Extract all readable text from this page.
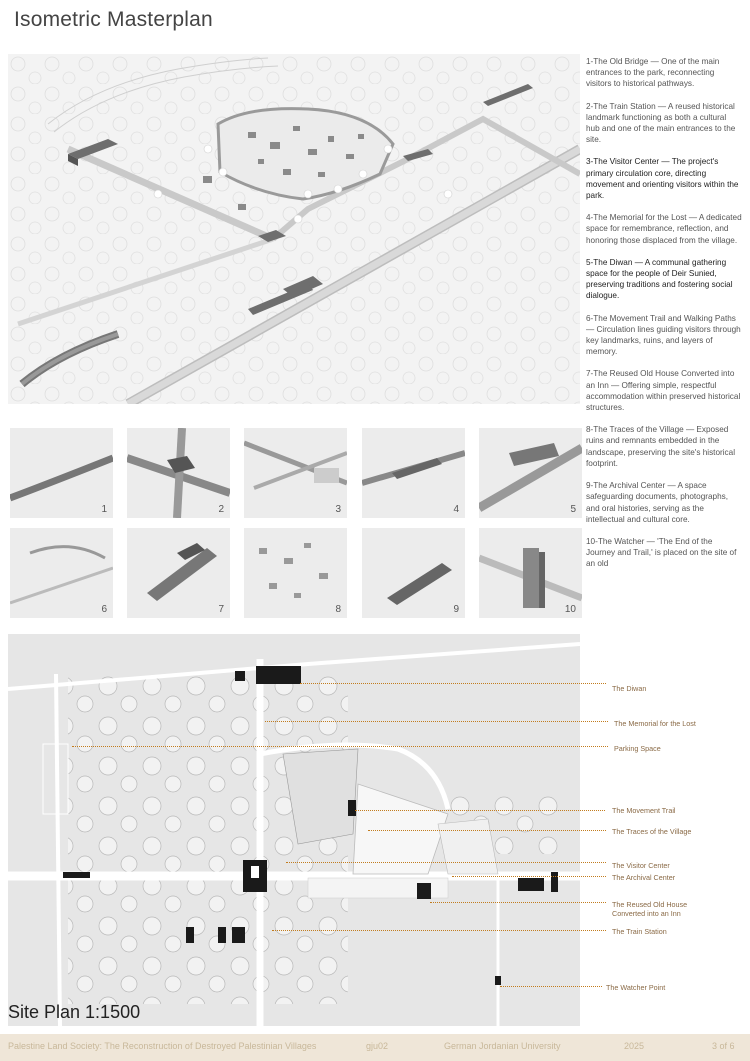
Isometric Masterplan
1	2	3	4	5
6	7	8	9	10

1-The Old Bridge — One of the main entrances to the park, reconnecting visitors to historical pathways.

2-The Train Station — A reused historical landmark functioning as both a cultural hub and one of the main entrances to the site.

3-The Visitor Center — The project's primary circulation core, directing movement and orienting visitors within the park.

4-The Memorial for the Lost — A dedicated space for remembrance, reflection, and honoring those displaced from the village.

5-The Diwan — A communal gathering space for the people of Deir Sunied, preserving traditions and fostering social dialogue.

6-The Movement Trail and Walking Paths — Circulation lines guiding visitors through key landmarks, ruins, and layers of memory.

7-The Reused Old House Converted into an Inn — Offering simple, respectful accommodation within preserved historical structures.

8-The Traces of the Village — Exposed ruins and remnants embedded in the landscape, preserving the site's historical footprint.

9-The Archival Center — A space safeguarding documents, photographs, and oral histories, serving as the intellectual and cultural core.

10-The Watcher — 'The End of the Journey and Trail,' is placed on the site of an old

The Diwan
The Memorial for the Lost
Parking Space
The Movement Trail
The Traces of the Village
The Visitor Center
The Archival Center
The Reused Old House
Converted into an Inn
The Train Station
The Watcher Point
Site Plan 1:1500
Palestine Land Society: The Reconstruction of Destroyed Palestinian Villages	gju02	German Jordanian University	2025	3 of 6
